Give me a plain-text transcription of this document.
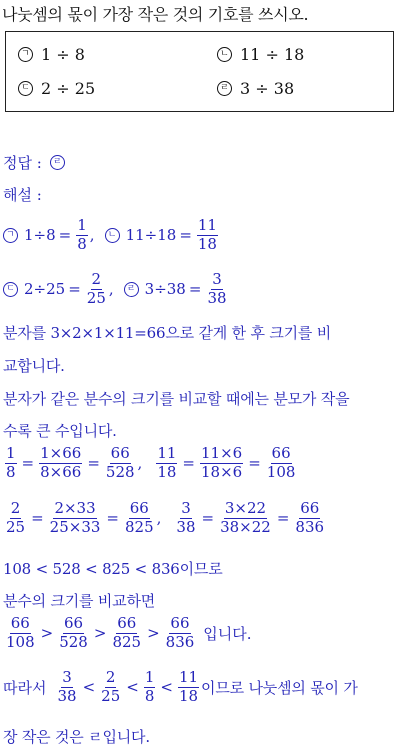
나눗셈의 몫이 가장 작은 것의 기호를 쓰시오.
ㄱ 1 ÷ 8	ㄴ 11 ÷ 18
ㄷ 2 ÷ 25	ㄹ 3 ÷ 38
정답 :	ㄹ
해설 :
ㄱ $1\div 8 = \frac{1}{8}$ ,	ㄴ $11\div 18 = \frac{11}{18}$
ㄷ $2\div 25 = \frac{2}{25}$ ,	ㄹ $3\div 38 = \frac{3}{38}$
분자를 3×2×1×11=66으로 같게 한 후 크기를 비
교합니다.
분자가 같은 분수의 크기를 비교할 때에는 분모가 작을
수록 큰 수입니다.
$\frac{1}{8} = \frac{1\times 66}{8\times 66} = \frac{66}{528}$ , $\frac{11}{18} = \frac{11\times 6}{18\times 6} = \frac{66}{108}$
$\frac{2}{25} = \frac{2\times 33}{25\times 33} = \frac{66}{825}$ , $\frac{3}{38} = \frac{3\times 22}{38\times 22} = \frac{66}{836}$
108 < 528 < 825 < 836이므로
분수의 크기를 비교하면
$\frac{66}{108} > \frac{66}{528} > \frac{66}{825} > \frac{66}{836}$ 입니다.
따라서 $\frac{3}{38} < \frac{2}{25} < \frac{1}{8} < \frac{11}{18}$ 이므로 나눗셈의 몫이 가
장 작은 것은 ㄹ입니다.
